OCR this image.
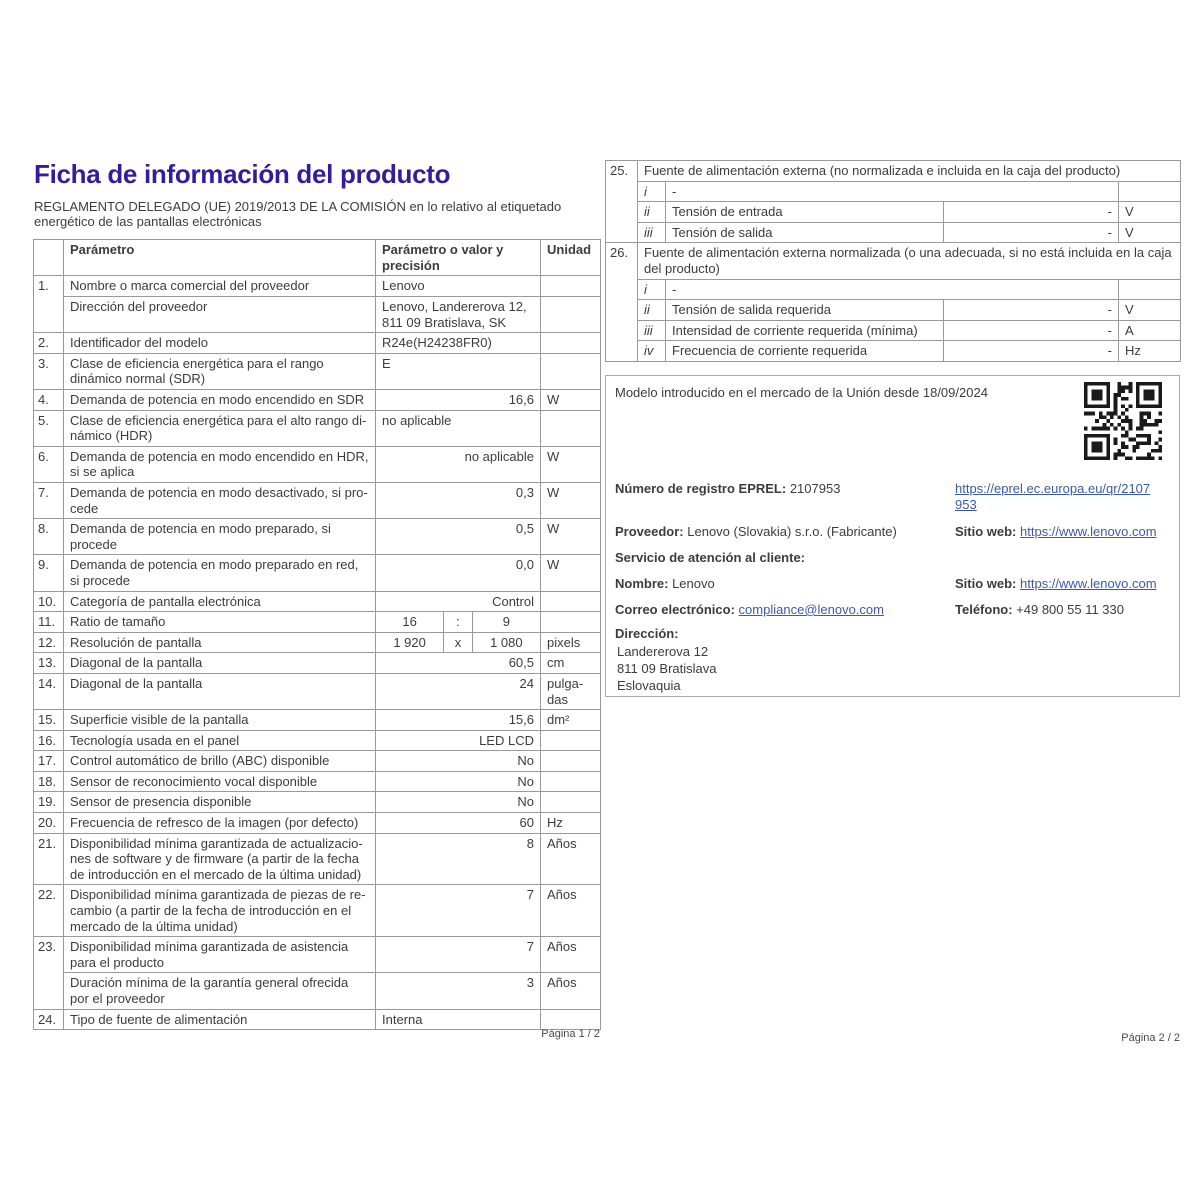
Ficha de información del producto

REGLAMENTO DELEGADO (UE) 2019/2013 DE LA COMISIÓN en lo relativo al etiquetado energético de las pantallas electrónicas

	Parámetro	Parámetro o valor y precisión	Unidad
1.	Nombre o marca comercial del proveedor	Lenovo	
	Dirección del proveedor	Lenovo, Landererova 12, 811 09 Bratislava, SK	
2.	Identificador del modelo	R24e(H24238FR0)	
3.	Clase de eficiencia energética para el rango dinámico normal (SDR)	E	
4.	Demanda de potencia en modo encendido en SDR	16,6	W
5.	Clase de eficiencia energética para el alto rango dinámico (HDR)	no aplicable	
6.	Demanda de potencia en modo encendido en HDR, si se aplica	no aplicable	W
7.	Demanda de potencia en modo desactivado, si procede	0,3	W
8.	Demanda de potencia en modo preparado, si procede	0,5	W
9.	Demanda de potencia en modo preparado en red, si procede	0,0	W
10.	Categoría de pantalla electrónica	Control	
11.	Ratio de tamaño	16 : 9	

12.	Resolución de pantalla	1 920 x 1 080	pixels
13.	Diagonal de la pantalla	60,5	cm
14.	Diagonal de la pantalla	24	pulgadas
15.	Superficie visible de la pantalla	15,6	dm²
16.	Tecnología usada en el panel	LED LCD	
17.	Control automático de brillo (ABC) disponible	No	
18.	Sensor de reconocimiento vocal disponible	No	
19.	Sensor de presencia disponible	No	
20.	Frecuencia de refresco de la imagen (por defecto)	60	Hz
21.	Disponibilidad mínima garantizada de actualizaciones de software y de firmware (a partir de la fecha de introducción en el mercado de la última unidad)	8	Años
22.	Disponibilidad mínima garantizada de piezas de recambio (a partir de la fecha de introducción en el mercado de la última unidad)	7	Años
23.	Disponibilidad mínima garantizada de asistencia para el producto	7	Años
	Duración mínima de la garantía general ofrecida por el proveedor	3	Años
24.	Tipo de fuente de alimentación	Interna	
25.	Fuente de alimentación externa (no normalizada e incluida en la caja del producto)			
	i	-		
	ii	Tensión de entrada	-	V
	iii	Tensión de salida	-	V
26.	Fuente de alimentación externa normalizada (o una adecuada, si no está incluida en la caja del producto)			
	i	-		
	ii	Tensión de salida requerida	-	V
	iii	Intensidad de corriente requerida (mínima)	-	A
	iv	Frecuencia de corriente requerida	-	Hz
Modelo introducido en el mercado de la Unión desde 18/09/2024
Número de registro EPREL: 2107953	https://eprel.ec.europa.eu/qr/2107953
Proveedor: Lenovo (Slovakia) s.r.o. (Fabricante)	Sitio web: https://www.lenovo.com
Servicio de atención al cliente:
Nombre: Lenovo	Sitio web: https://www.lenovo.com
Correo electrónico: compliance@lenovo.com	Teléfono: +49 800 55 11 330
Dirección:
Landererova 12
811 09 Bratislava
Eslovaquia
Página 1 / 2	Página 2 / 2
